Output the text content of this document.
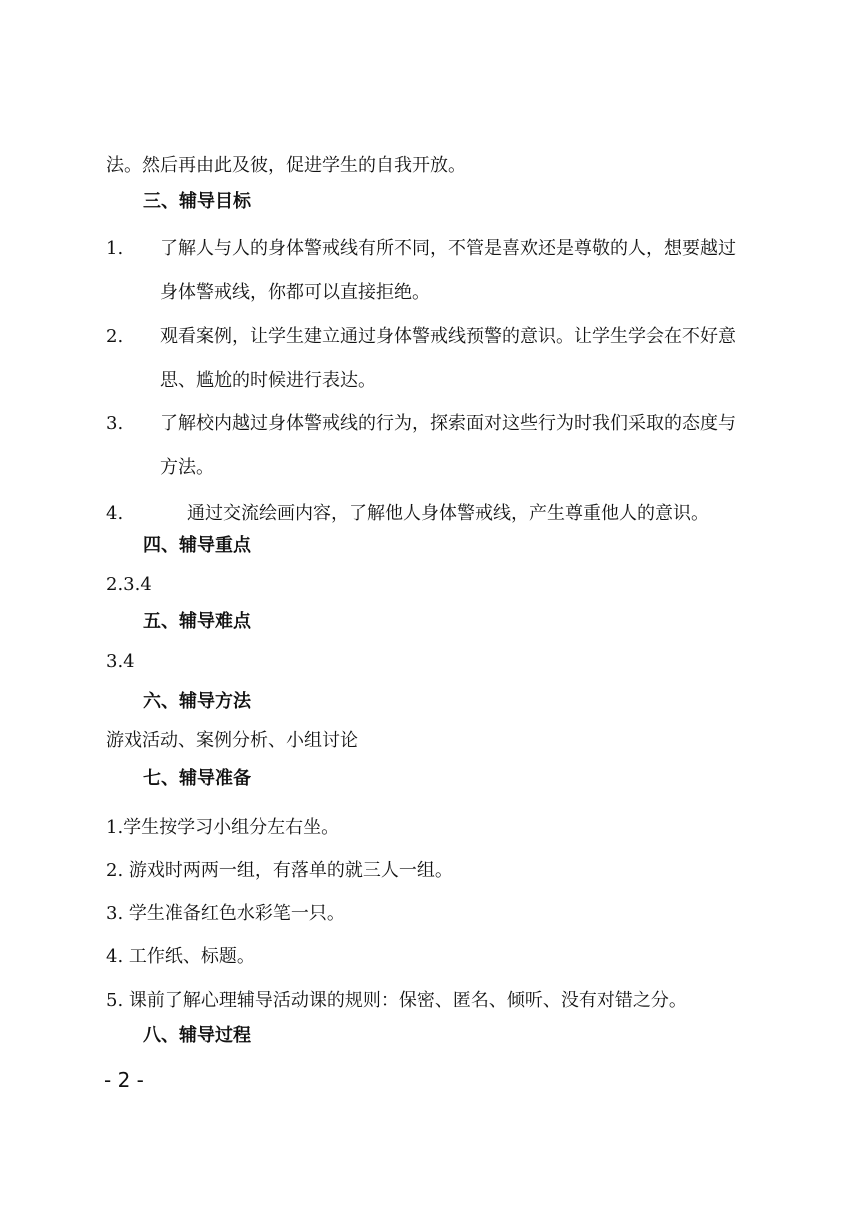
法。然后再由此及彼，促进学生的自我开放。
三、辅导目标
1. 了解人与人的身体警戒线有所不同，不管是喜欢还是尊敬的人，想要越过
身体警戒线，你都可以直接拒绝。
2. 观看案例，让学生建立通过身体警戒线预警的意识。让学生学会在不好意
思、尴尬的时候进行表达。
3. 了解校内越过身体警戒线的行为，探索面对这些行为时我们采取的态度与
方法。
4.	通过交流绘画内容，了解他人身体警戒线，产生尊重他人的意识。
四、辅导重点
2.3.4
五、辅导难点
3.4
六、辅导方法
游戏活动、案例分析、小组讨论
七、辅导准备
1.学生按学习小组分左右坐。
2. 游戏时两两一组，有落单的就三人一组。
3. 学生准备红色水彩笔一只。
4. 工作纸、标题。
5. 课前了解心理辅导活动课的规则：保密、匿名、倾听、没有对错之分。
八、辅导过程
- 2 -
